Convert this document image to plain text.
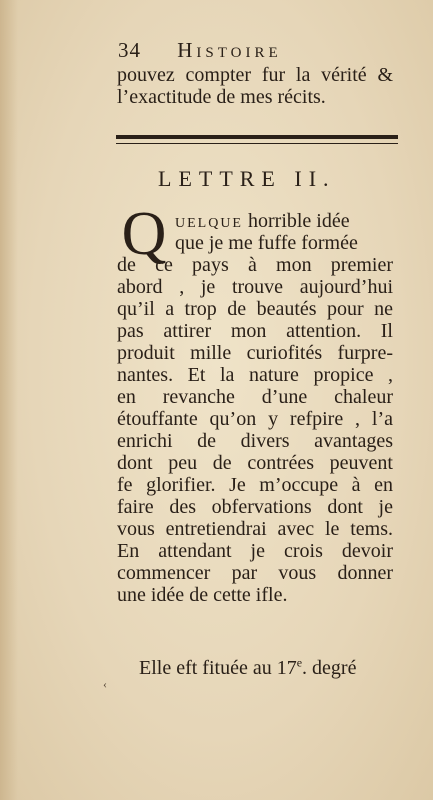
34 Histoire
pouvez compter fur la vérité &
l’exactitude de mes récits.
LETTRE II.
Q uelque horrible idée
que je me fuffe formée
de ce pays à mon premier
abord , je trouve aujourd’hui
qu’il a trop de beautés pour ne
pas attirer mon attention. Il
produit mille curiofités furpre-
nantes. Et la nature propice ,
en revanche d’une chaleur
étouffante qu’on y refpire , l’a
enrichi de divers avantages
dont peu de contrées peuvent
fe glorifier. Je m’occupe à en
faire des obfervations dont je
vous entretiendrai avec le tems.
En attendant je crois devoir
commencer par vous donner
une idée de cette ifle.
Elle eft fituée au 17e. degré
‹
